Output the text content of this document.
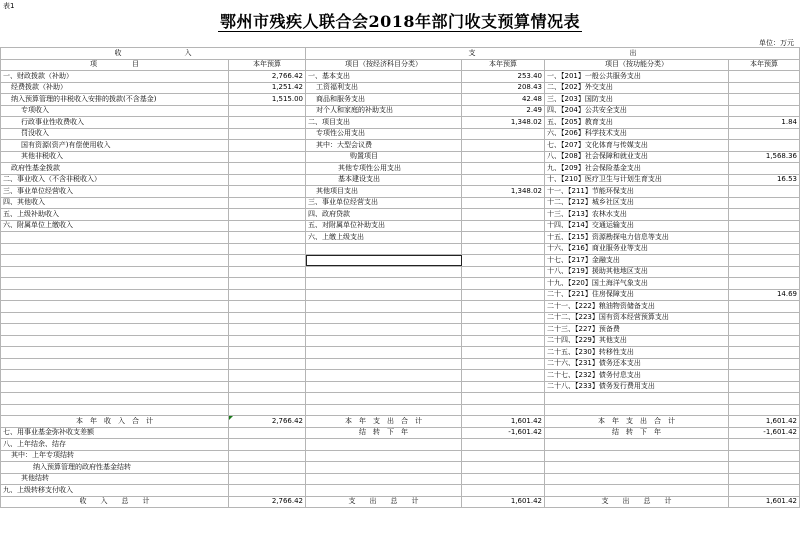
表1
鄂州市残疾人联合会2018年部门收支预算情况表
单位：万元
收　　　　　　　　　入		支　　　　　　　　　　　　　　　　　　　　　　出			
项　　　　　目	本年预算	项目（按经济科目分类）	本年预算	项目（按功能分类）	本年预算
一、财政拨款（补助）	2,766.42	一、基本支出	253.40	一、【201】一般公共服务支出	
经费拨款（补助）	1,251.42	工资福利支出	208.43	二、【202】外交支出	
纳入预算管理的非税收入安排的拨款(不含基金)	1,515.00	商品和服务支出	42.48	三、【203】国防支出	
专项收入		对个人和家庭的补助支出	2.49	四、【204】公共安全支出	
行政事业性收费收入		二、项目支出	1,348.02	五、【205】教育支出	1.84
罚没收入		专项性公用支出		六、【206】科学技术支出	
国有资源(资产)有偿使用收入		其中：大型会议费		七、【207】文化体育与传媒支出	
其他非税收入		购置项目		八、【208】社会保障和就业支出	1,568.36
政府性基金拨款		其他专项性公用支出		九、【209】社会保险基金支出	
二、事业收入（不含非税收入）		基本建设支出		十、【210】医疗卫生与计划生育支出	16.53
三、事业单位经营收入		其他项目支出	1,348.02	十一、【211】节能环保支出	
四、其他收入		三、事业单位经营支出		十二、【212】城乡社区支出	
五、上级补助收入		四、政府贷款		十三、【213】农林水支出	
六、附属单位上缴收入		五、对附属单位补助支出		十四、【214】交通运输支出	
		六、上缴上级支出		十五、【215】资源勘探电力信息等支出	
				十六、【216】商业服务业等支出	
				十七、【217】金融支出	
				十八、【219】援助其他地区支出	
				十九、【220】国土海洋气象支出	
				二十、【221】住房保障支出	14.69
				二十一、【222】粮油物资储备支出	
				二十二、【223】国有资本经营预算支出	
				二十三、【227】预备费	
				二十四、【229】其他支出	
				二十五、【230】转移性支出	
				二十六、【231】债务还本支出	
				二十七、【232】债务付息支出	
				二十八、【233】债务发行费用支出	

本　年　收　入　合　计	2,766.42	本　年　支　出　合　计	1,601.42	本　年　支　出　合　计	1,601.42
七、用事业基金弥补收支差额		结　转　下　年	-1,601.42	结　转　下　年	-1,601.42
八、上年结余、结存					
其中：上年专项结转					
纳入预算管理的政府性基金结转					
其他结转					
九、上级转移支付收入					
收　　入　　总　　计	2,766.42	支　　出　　总　　计	1,601.42	支　　出　　总　　计	1,601.42
